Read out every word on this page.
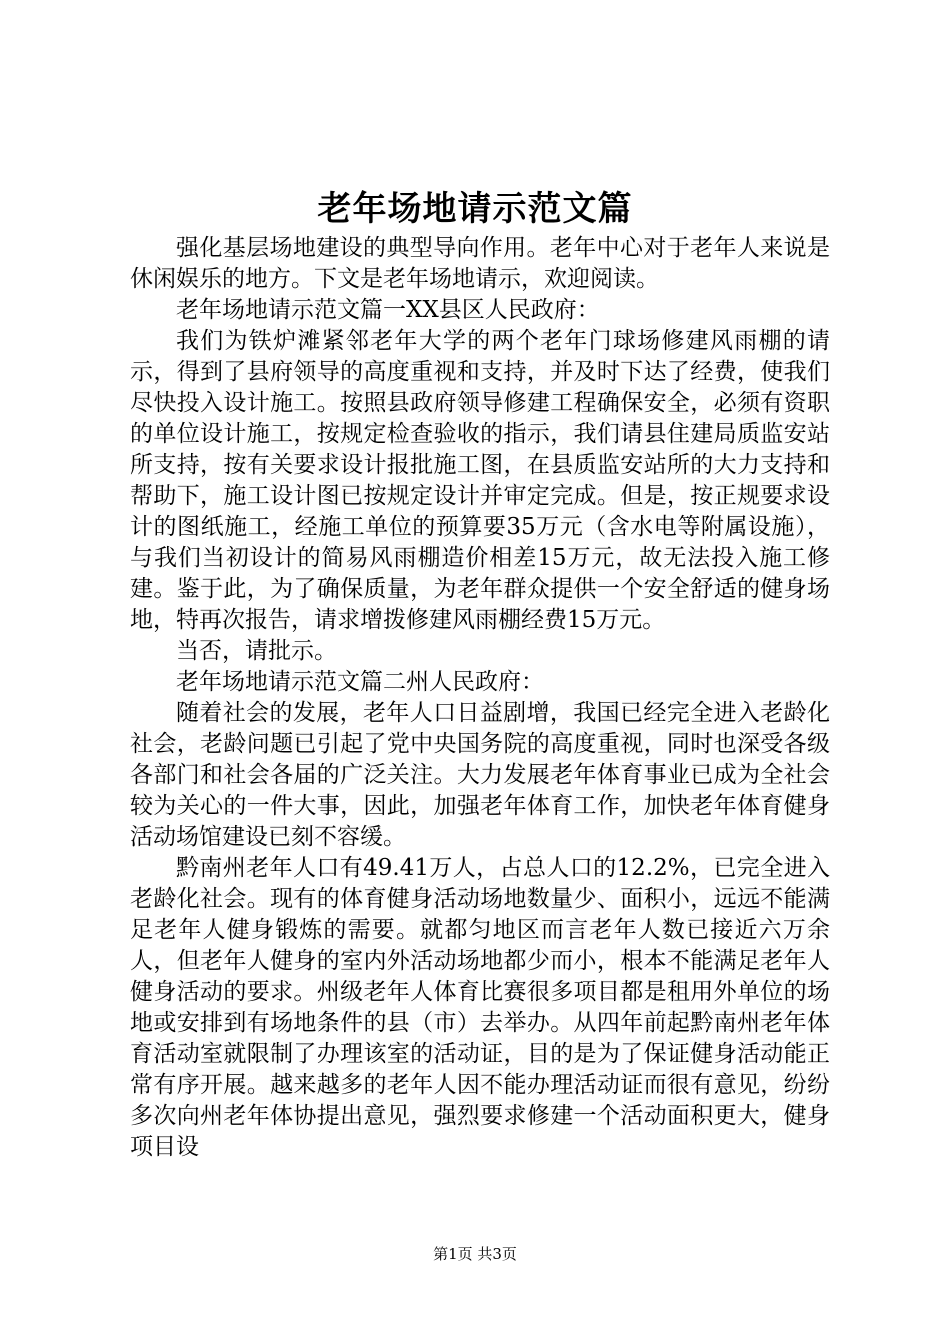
老年场地请示范文篇

强化基层场地建设的典型导向作用。老年中心对于老年人来说是休闲娱乐的地方。下文是老年场地请示，欢迎阅读。

老年场地请示范文篇一XX县区人民政府：

我们为铁炉滩紧邻老年大学的两个老年门球场修建风雨棚的请示，得到了县府领导的高度重视和支持，并及时下达了经费，使我们尽快投入设计施工。按照县政府领导修建工程确保安全，必须有资职的单位设计施工，按规定检查验收的指示，我们请县住建局质监安站所支持，按有关要求设计报批施工图，在县质监安站所的大力支持和帮助下，施工设计图已按规定设计并审定完成。但是，按正规要求设计的图纸施工，经施工单位的预算要35万元（含水电等附属设施），与我们当初设计的简易风雨棚造价相差15万元，故无法投入施工修建。鉴于此，为了确保质量，为老年群众提供一个安全舒适的健身场地，特再次报告，请求增拨修建风雨棚经费15万元。

当否，请批示。

老年场地请示范文篇二州人民政府：

随着社会的发展，老年人口日益剧增，我国已经完全进入老龄化社会，老龄问题已引起了党中央国务院的高度重视，同时也深受各级各部门和社会各届的广泛关注。大力发展老年体育事业已成为全社会较为关心的一件大事，因此，加强老年体育工作，加快老年体育健身活动场馆建设已刻不容缓。

黔南州老年人口有49.41万人，占总人口的12.2%，已完全进入老龄化社会。现有的体育健身活动场地数量少、面积小，远远不能满足老年人健身锻炼的需要。就都匀地区而言老年人数已接近六万余人，但老年人健身的室内外活动场地都少而小，根本不能满足老年人健身活动的要求。州级老年人体育比赛很多项目都是租用外单位的场地或安排到有场地条件的县（市）去举办。从四年前起黔南州老年体育活动室就限制了办理该室的活动证，目的是为了保证健身活动能正常有序开展。越来越多的老年人因不能办理活动证而很有意见，纷纷多次向州老年体协提出意见，强烈要求修建一个活动面积更大，健身项目设

第1页 共3页
